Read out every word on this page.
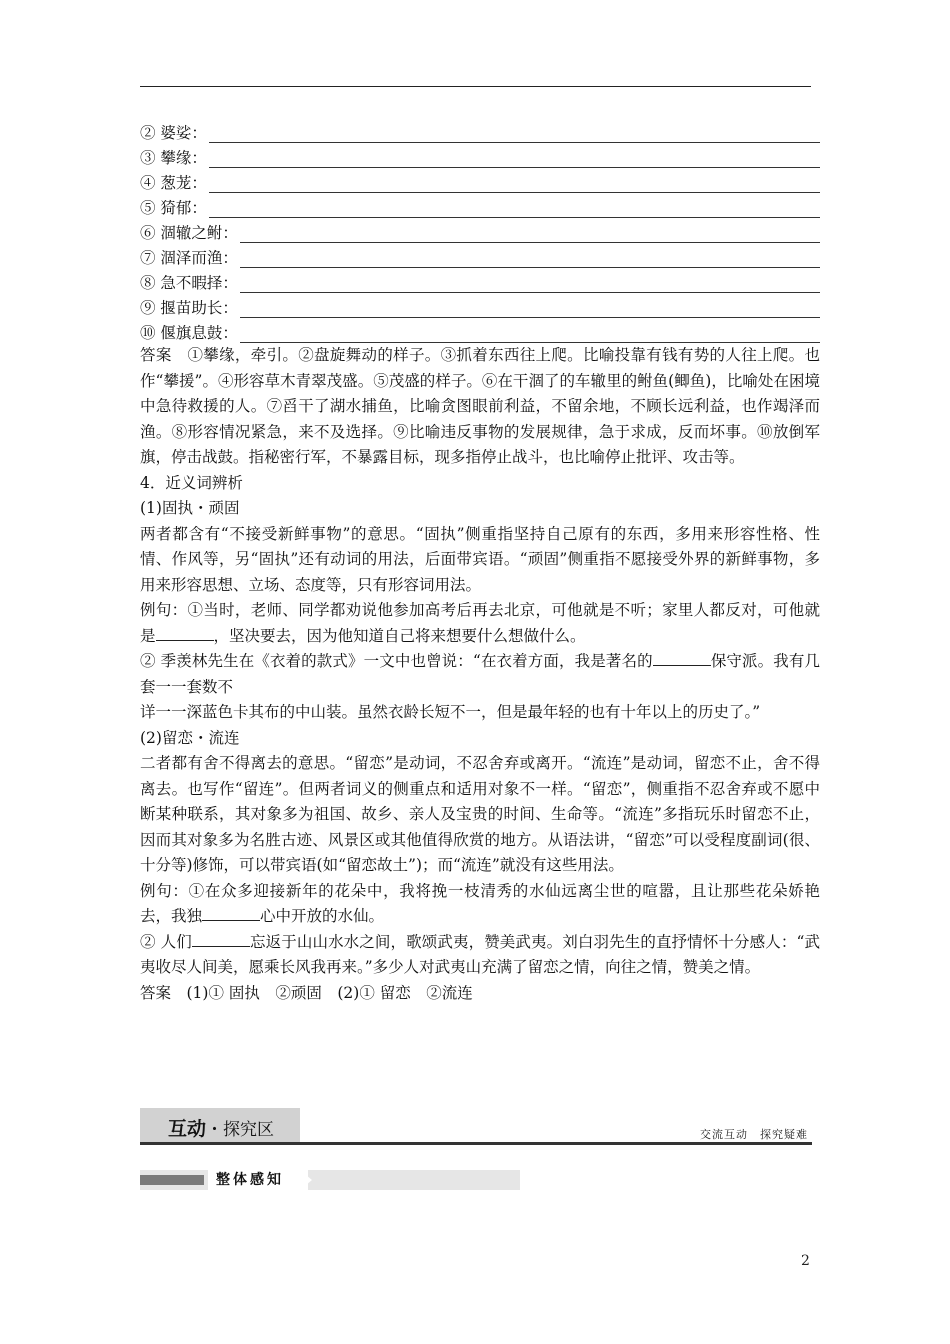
② 婆娑：
③ 攀缘：
④ 葱茏：
⑤ 猗郁：
⑥ 涸辙之鲋：
⑦ 涸泽而渔：
⑧ 急不暇择：
⑨ 揠苗助长：
⑩ 偃旗息鼓：

答案　①攀缘，牵引。②盘旋舞动的样子。③抓着东西往上爬。比喻投靠有钱有势的人往上爬。也作“攀援”。④形容草木青翠茂盛。⑤茂盛的样子。⑥在干涸了的车辙里的鲋鱼(鲫鱼)，比喻处在困境中急待救援的人。⑦舀干了湖水捕鱼，比喻贪图眼前利益，不留余地，不顾长远利益，也作竭泽而渔。⑧形容情况紧急，来不及选择。⑨比喻违反事物的发展规律，急于求成，反而坏事。⑩放倒军旗，停击战鼓。指秘密行军，不暴露目标，现多指停止战斗，也比喻停止批评、攻击等。

4．近义词辨析

(1)固执・顽固

两者都含有“不接受新鲜事物”的意思。“固执”侧重指坚持自己原有的东西，多用来形容性格、性情、作风等，另“固执”还有动词的用法，后面带宾语。“顽固”侧重指不愿接受外界的新鲜事物，多用来形容思想、立场、态度等，只有形容词用法。

例句：①当时，老师、同学都劝说他参加高考后再去北京，可他就是不听；家里人都反对，可他就是	，坚决要去，因为他知道自己将来想要什么想做什么。

② 季羡林先生在《衣着的款式》一文中也曾说：“在衣着方面，我是著名的	保守派。我有几套一一套数不

详一一深蓝色卡其布的中山装。虽然衣龄长短不一，但是最年轻的也有十年以上的历史了。”

(2)留恋・流连

二者都有舍不得离去的意思。“留恋”是动词，不忍舍弃或离开。“流连”是动词，留恋不止，舍不得离去。也写作“留连”。但两者词义的侧重点和适用对象不一样。“留恋”，侧重指不忍舍弃或不愿中断某种联系，其对象多为祖国、故乡、亲人及宝贵的时间、生命等。“流连”多指玩乐时留恋不止，因而其对象多为名胜古迹、风景区或其他值得欣赏的地方。从语法讲，“留恋”可以受程度副词(很、十分等)修饰，可以带宾语(如“留恋故土”)；而“流连”就没有这些用法。

例句：①在众多迎接新年的花朵中，我将挽一枝清秀的水仙远离尘世的喧嚣，且让那些花朵娇艳去，我独	心中开放的水仙。

② 人们	忘返于山山水水之间，歌颂武夷，赞美武夷。刘白羽先生的直抒情怀十分感人：“武夷收尽人间美，愿乘长风我再来。”多少人对武夷山充满了留恋之情，向往之情，赞美之情。

答案　(1)① 固执　②顽固　(2)① 留恋　②流连

互动・探究区	交流互动　探究疑难
整体感知
2
